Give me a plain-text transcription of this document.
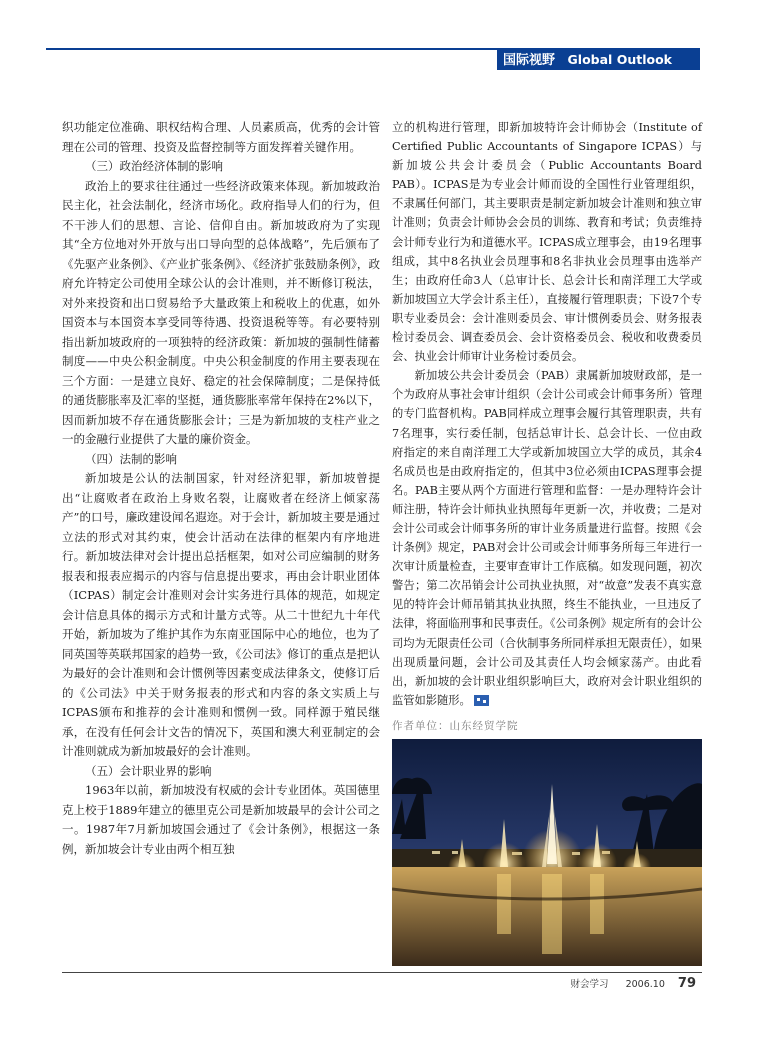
国际视野 Global Outlook

织功能定位准确、职权结构合理、人员素质高，优秀的会计管理在公司的管理、投资及监督控制等方面发挥着关键作用。

（三）政治经济体制的影响

政治上的要求往往通过一些经济政策来体现。新加坡政治民主化，社会法制化，经济市场化。政府指导人们的行为，但不干涉人们的思想、言论、信仰自由。新加坡政府为了实现其“全方位地对外开放与出口导向型的总体战略”，先后颁布了《先驱产业条例》、《产业扩张条例》、《经济扩张鼓励条例》，政府允许特定公司使用全球公认的会计准则，并不断修订税法，对外来投资和出口贸易给予大量政策上和税收上的优惠，如外国资本与本国资本享受同等待遇、投资退税等等。有必要特别指出新加坡政府的一项独特的经济政策：新加坡的强制性储蓄制度——中央公积金制度。中央公积金制度的作用主要表现在三个方面：一是建立良好、稳定的社会保障制度；二是保持低的通货膨胀率及汇率的坚挺，通货膨胀率常年保持在2%以下，因而新加坡不存在通货膨胀会计；三是为新加坡的支柱产业之一的金融行业提供了大量的廉价资金。

（四）法制的影响

新加坡是公认的法制国家，针对经济犯罪，新加坡曾提出“让腐败者在政治上身败名裂，让腐败者在经济上倾家荡产”的口号，廉政建设闻名遐迩。对于会计，新加坡主要是通过立法的形式对其约束，使会计活动在法律的框架内有序地进行。新加坡法律对会计提出总括框架，如对公司应编制的财务报表和报表应揭示的内容与信息提出要求，再由会计职业团体（ICPAS）制定会计准则对会计实务进行具体的规范，如规定会计信息具体的揭示方式和计量方式等。从二十世纪九十年代开始，新加坡为了维护其作为东南亚国际中心的地位，也为了同英国等英联邦国家的趋势一致，《公司法》修订的重点是把认为最好的会计准则和会计惯例等因素变成法律条文，使修订后的《公司法》中关于财务报表的形式和内容的条文实质上与ICPAS颁布和推荐的会计准则和惯例一致。同样源于殖民继承，在没有任何会计文告的情况下，英国和澳大利亚制定的会计准则就成为新加坡最好的会计准则。

（五）会计职业界的影响

1963年以前，新加坡没有权威的会计专业团体。英国德里克上校于1889年建立的德里克公司是新加坡最早的会计公司之一。1987年7月新加坡国会通过了《会计条例》，根据这一条例，新加坡会计专业由两个相互独

立的机构进行管理，即新加坡特许会计师协会（Institute of Certified Public Accountants of Singapore ICPAS）与新加坡公共会计委员会（Public Accountants Board PAB）。ICPAS是为专业会计师而设的全国性行业管理组织，不隶属任何部门，其主要职责是制定新加坡会计准则和独立审计准则；负责会计师协会会员的训练、教育和考试；负责维持会计师专业行为和道德水平。ICPAS成立理事会，由19名理事组成，其中8名执业会员理事和8名非执业会员理事由选举产生；由政府任命3人（总审计长、总会计长和南洋理工大学或新加坡国立大学会计系主任），直接履行管理职责；下设7个专职专业委员会：会计准则委员会、审计惯例委员会、财务报表检讨委员会、调查委员会、会计资格委员会、税收和收费委员会、执业会计师审计业务检讨委员会。

新加坡公共会计委员会（PAB）隶属新加坡财政部，是一个为政府从事社会审计组织（会计公司或会计师事务所）管理的专门监督机构。PAB同样成立理事会履行其管理职责，共有7名理事，实行委任制，包括总审计长、总会计长、一位由政府指定的来自南洋理工大学或新加坡国立大学的成员，其余4名成员也是由政府指定的，但其中3位必须由ICPAS理事会提名。PAB主要从两个方面进行管理和监督：一是办理特许会计师注册，特许会计师执业执照每年更新一次，并收费；二是对会计公司或会计师事务所的审计业务质量进行监督。按照《会计条例》规定，PAB对会计公司或会计师事务所每三年进行一次审计质量检查，主要审查审计工作底稿。如发现问题，初次警告；第二次吊销会计公司执业执照，对“故意”发表不真实意见的特许会计师吊销其执业执照，终生不能执业，一旦违反了法律，将面临刑事和民事责任。《公司条例》规定所有的会计公司均为无限责任公司（合伙制事务所同样承担无限责任），如果出现质量问题，会计公司及其责任人均会倾家荡产。由此看出，新加坡的会计职业组织影响巨大，政府对会计职业组织的监管如影随形。

作者单位：山东经贸学院
财会学习 2006.10 79
